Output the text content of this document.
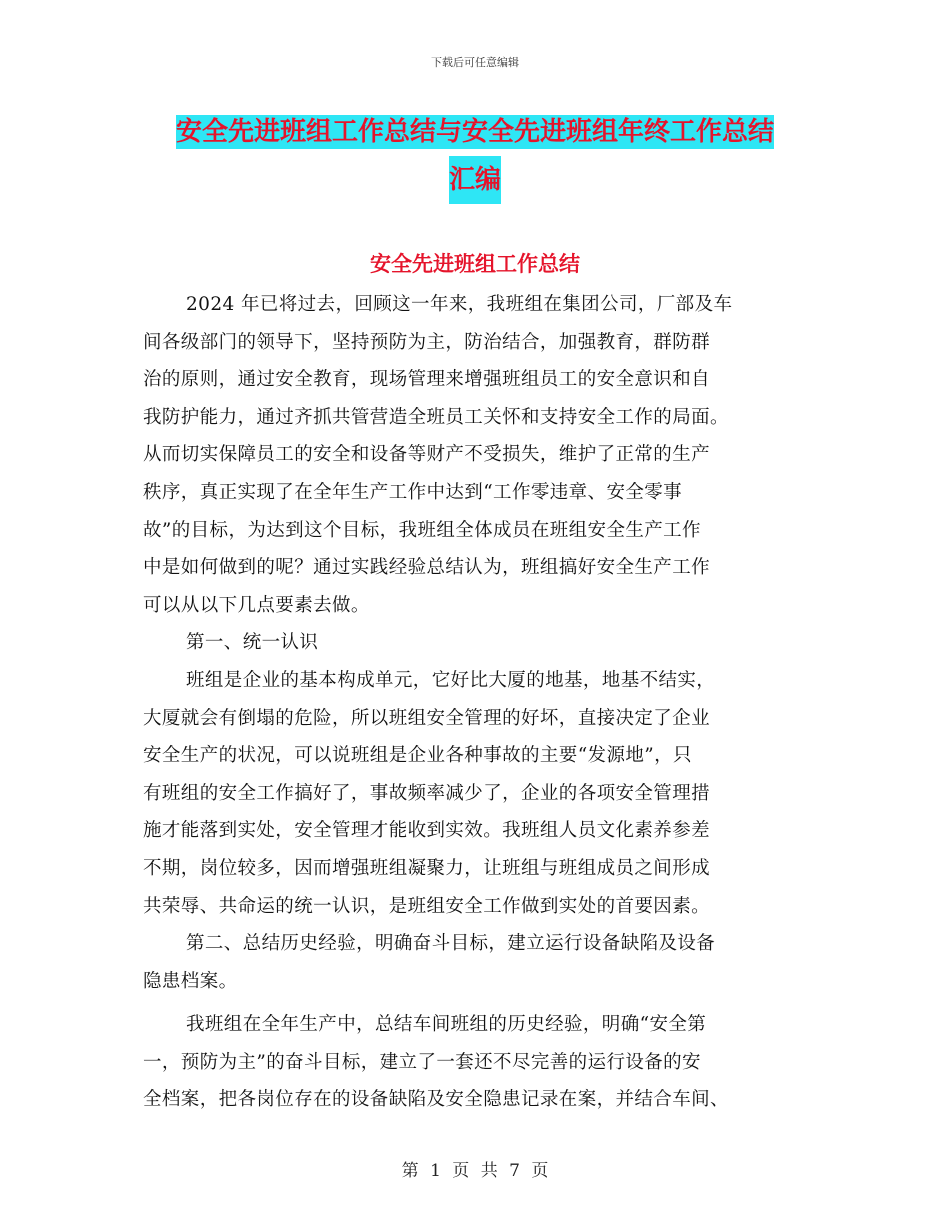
下载后可任意编辑
安全先进班组工作总结与安全先进班组年终工作总结
汇编
安全先进班组工作总结
2024 年已将过去，回顾这一年来，我班组在集团公司，厂部及车
间各级部门的领导下，坚持预防为主，防治结合，加强教育，群防群
治的原则，通过安全教育，现场管理来增强班组员工的安全意识和自
我防护能力，通过齐抓共管营造全班员工关怀和支持安全工作的局面。
从而切实保障员工的安全和设备等财产不受损失，维护了正常的生产
秩序，真正实现了在全年生产工作中达到“工作零违章、安全零事
故”的目标，为达到这个目标，我班组全体成员在班组安全生产工作
中是如何做到的呢？通过实践经验总结认为，班组搞好安全生产工作
可以从以下几点要素去做。
第一、统一认识
班组是企业的基本构成单元，它好比大厦的地基，地基不结实，
大厦就会有倒塌的危险，所以班组安全管理的好坏，直接决定了企业
安全生产的状况，可以说班组是企业各种事故的主要“发源地”，只
有班组的安全工作搞好了，事故频率减少了，企业的各项安全管理措
施才能落到实处，安全管理才能收到实效。我班组人员文化素养参差
不期，岗位较多，因而增强班组凝聚力，让班组与班组成员之间形成
共荣辱、共命运的统一认识，是班组安全工作做到实处的首要因素。
第二、总结历史经验，明确奋斗目标，建立运行设备缺陷及设备
隐患档案。
我班组在全年生产中，总结车间班组的历史经验，明确“安全第
一，预防为主”的奋斗目标，建立了一套还不尽完善的运行设备的安
全档案，把各岗位存在的设备缺陷及安全隐患记录在案，并结合车间、
第 1 页 共 7 页
